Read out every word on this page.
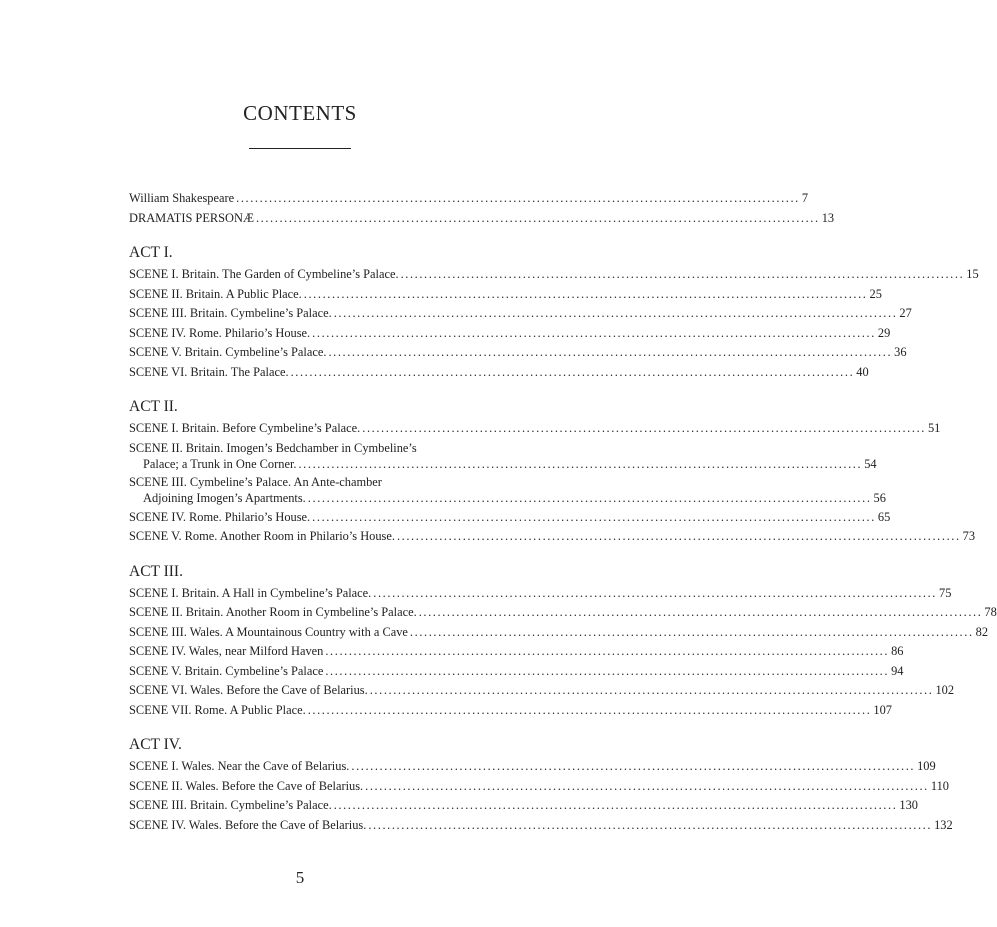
CONTENTS
William Shakespeare ........................................................................................................................ 7
DRAMATIS PERSONÆ ........................................................................................................................ 13
ACT I.
SCENE I. Britain. The Garden of Cymbeline’s Palace. ........................................................................................................................ 15
SCENE II. Britain. A Public Place. ........................................................................................................................ 25
SCENE III. Britain. Cymbeline’s Palace. ........................................................................................................................ 27
SCENE IV. Rome. Philario’s House. ........................................................................................................................ 29
SCENE V. Britain. Cymbeline’s Palace. ........................................................................................................................ 36
SCENE VI. Britain. The Palace. ........................................................................................................................ 40
ACT II.
SCENE I. Britain. Before Cymbeline’s Palace. ........................................................................................................................ 51
SCENE II. Britain. Imogen’s Bedchamber in Cymbeline’s
Palace; a Trunk in One Corner. ........................................................................................................................ 54
SCENE III. Cymbeline’s Palace. An Ante-chamber
Adjoining Imogen’s Apartments. ........................................................................................................................ 56
SCENE IV. Rome. Philario’s House. ........................................................................................................................ 65
SCENE V. Rome. Another Room in Philario’s House. ........................................................................................................................ 73
ACT III.
SCENE I. Britain. A Hall in Cymbeline’s Palace. ........................................................................................................................ 75
SCENE II. Britain. Another Room in Cymbeline’s Palace. ........................................................................................................................ 78
SCENE III. Wales. A Mountainous Country with a Cave ........................................................................................................................ 82
SCENE IV. Wales, near Milford Haven ........................................................................................................................ 86
SCENE V. Britain. Cymbeline’s Palace ........................................................................................................................ 94
SCENE VI. Wales. Before the Cave of Belarius. ........................................................................................................................ 102
SCENE VII. Rome. A Public Place. ........................................................................................................................ 107
ACT IV.
SCENE I. Wales. Near the Cave of Belarius. ........................................................................................................................ 109
SCENE II. Wales. Before the Cave of Belarius. ........................................................................................................................ 110
SCENE III. Britain. Cymbeline’s Palace. ........................................................................................................................ 130
SCENE IV. Wales. Before the Cave of Belarius. ........................................................................................................................ 132
5
